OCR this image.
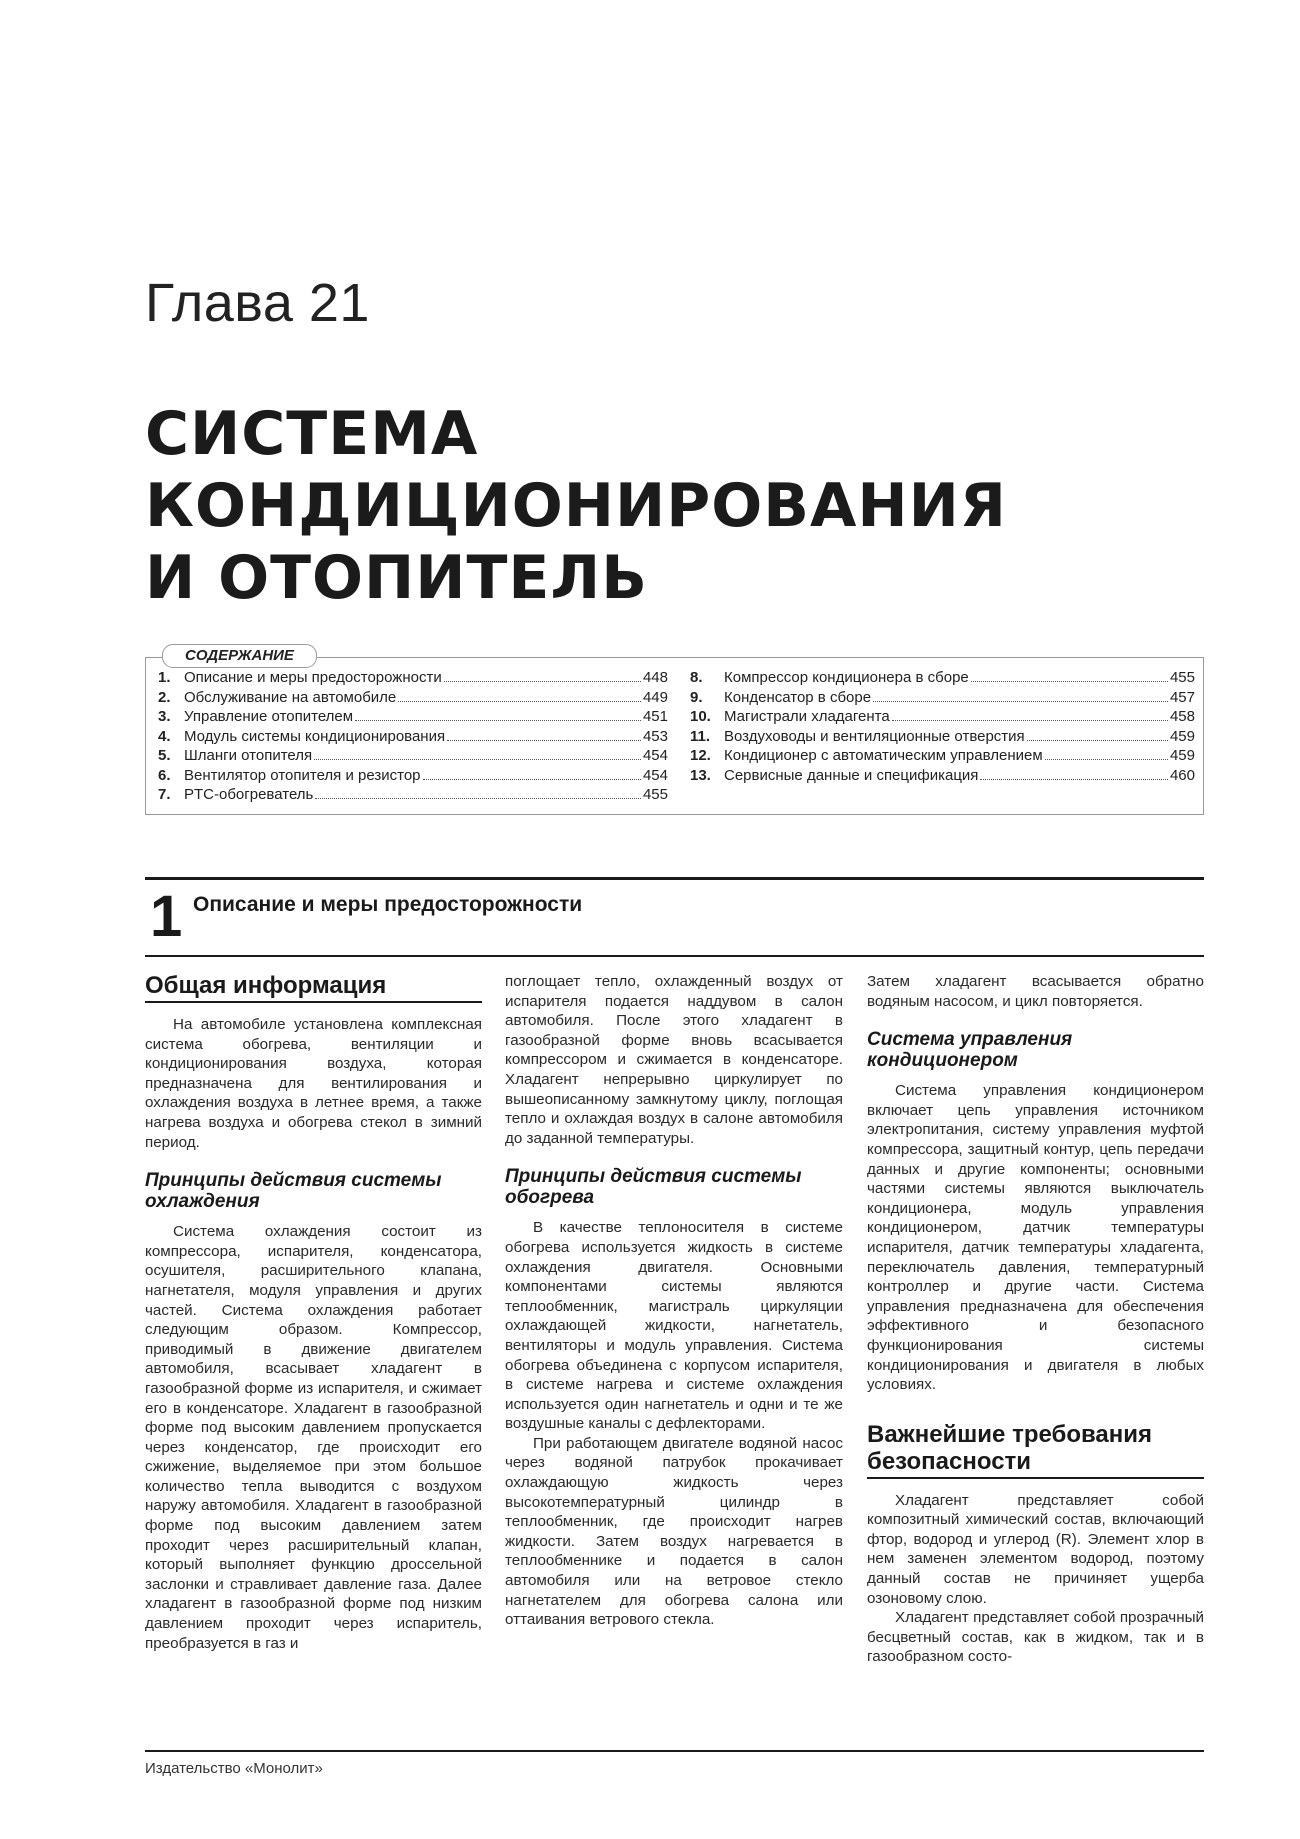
Глава 21
СИСТЕМА
КОНДИЦИОНИРОВАНИЯ
И ОТОПИТЕЛЬ
СОДЕРЖАНИЕ
1. Описание и меры предосторожности	448
2. Обслуживание на автомобиле	449
3. Управление отопителем	451
4. Модуль системы кондиционирования	453
5. Шланги отопителя	454
6. Вентилятор отопителя и резистор	454
7. PTC-обогреватель	455
8.	Компрессор кондиционера в сборе	455
9.	Конденсатор в сборе	457
10. Магистрали хладагента	458
11. Воздуховоды и вентиляционные отверстия	459
12. Кондиционер с автоматическим управлением	459
13. Сервисные данные и спецификация	460
1 Описание и меры предосторожности
Общая информация

На автомобиле установлена комплексная система обогрева, вентиляции и кондиционирования воздуха, которая предназначена для вентилирования и охлаждения воздуха в летнее время, а также нагрева воздуха и обогрева стекол в зимний период.

Принципы действия системы охлаждения

Система охлаждения состоит из компрессора, испарителя, конденсатора, осушителя, расширительного клапана, нагнетателя, модуля управления и других частей. Система охлаждения работает следующим образом. Компрессор, приводимый в движение двигателем автомобиля, всасывает хладагент в газообразной форме из испарителя, и сжимает его в конденсаторе. Хладагент в газообразной форме под высоким давлением пропускается через конденсатор, где происходит его сжижение, выделяемое при этом большое количество тепла выводится с воздухом наружу автомобиля. Хладагент в газообразной форме под высоким давлением затем проходит через расширительный клапан, который выполняет функцию дроссельной заслонки и стравливает давление газа. Далее хладагент в газообразной форме под низким давлением проходит через испаритель, преобразуется в газ и

поглощает тепло, охлажденный воздух от испарителя подается наддувом в салон автомобиля. После этого хладагент в газообразной форме вновь всасывается компрессором и сжимается в конденсаторе. Хладагент непрерывно циркулирует по вышеописанному замкнутому циклу, поглощая тепло и охлаждая воздух в салоне автомобиля до заданной температуры.

Принципы действия системы обогрева

В качестве теплоносителя в системе обогрева используется жидкость в системе охлаждения двигателя. Основными компонентами системы являются теплообменник, магистраль циркуляции охлаждающей жидкости, нагнетатель, вентиляторы и модуль управления. Система обогрева объединена с корпусом испарителя, в системе нагрева и системе охлаждения используется один нагнетатель и одни и те же воздушные каналы с дефлекторами.

При работающем двигателе водяной насос через водяной патрубок прокачивает охлаждающую жидкость через высокотемпературный цилиндр в теплообменник, где происходит нагрев жидкости. Затем воздух нагревается в теплообменнике и подается в салон автомобиля или на ветровое стекло нагнетателем для обогрева салона или оттаивания ветрового стекла.

Затем хладагент всасывается обратно водяным насосом, и цикл повторяется.

Система управления кондиционером

Система управления кондиционером включает цепь управления источником электропитания, систему управления муфтой компрессора, защитный контур, цепь передачи данных и другие компоненты; основными частями системы являются выключатель кондиционера, модуль управления кондиционером, датчик температуры испарителя, датчик температуры хладагента, переключатель давления, температурный контроллер и другие части. Система управления предназначена для обеспечения эффективного и безопасного функционирования системы кондиционирования и двигателя в любых условиях.

Важнейшие требования безопасности

Хладагент представляет собой композитный химический состав, включающий фтор, водород и углерод (R). Элемент хлор в нем заменен элементом водород, поэтому данный состав не причиняет ущерба озоновому слою.

Хладагент представляет собой прозрачный бесцветный состав, как в жидком, так и в газообразном состо-

Издательство «Монолит»
